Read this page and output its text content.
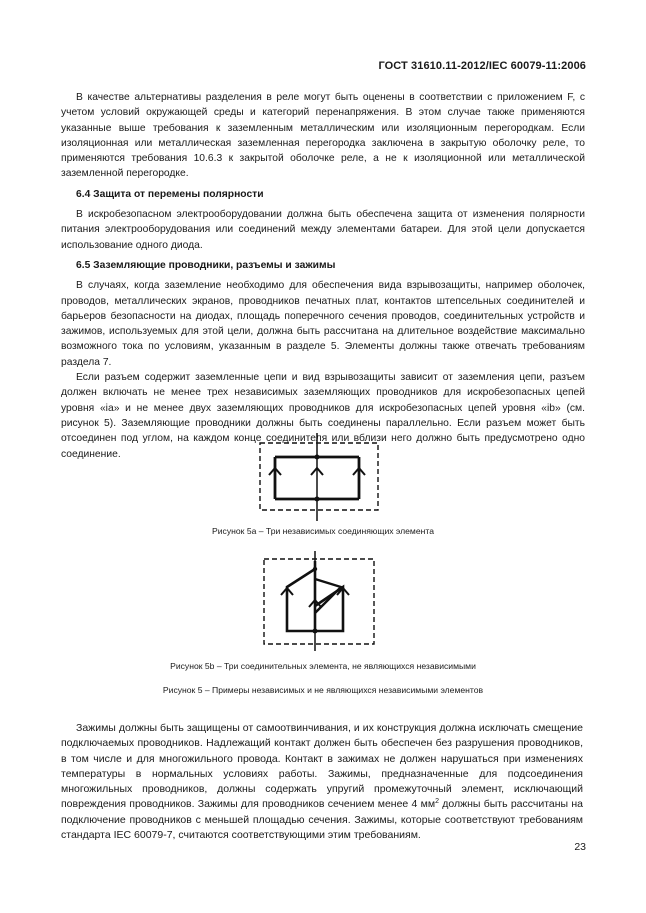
ГОСТ 31610.11-2012/IEC 60079-11:2006

В качестве альтернативы разделения в реле могут быть оценены в соответствии с приложением F, с учетом условий окружающей среды и категорий перенапряжения. В этом случае также применяются указанные выше требования к заземленным металлическим или изоляционным перегородкам. Если изоляционная или металлическая заземленная перегородка заключена в закрытую оболочку реле, то применяются требования 10.6.3 к закрытой оболочке реле, а не к изоляционной или металлической заземленной перегородке.

6.4 Защита от перемены полярности

В искробезопасном электрооборудовании должна быть обеспечена защита от изменения полярности питания электрооборудования или соединений между элементами батареи. Для этой цели допускается использование одного диода.

6.5 Заземляющие проводники, разъемы и зажимы

В случаях, когда заземление необходимо для обеспечения вида взрывозащиты, например оболочек, проводов, металлических экранов, проводников печатных плат, контактов штепсельных соединителей и барьеров безопасности на диодах, площадь поперечного сечения проводов, соединительных устройств и зажимов, используемых для этой цели, должна быть рассчитана на длительное воздействие максимально возможного тока по условиям, указанным в разделе 5. Элементы должны также отвечать требованиям раздела 7.

Если разъем содержит заземленные цепи и вид взрывозащиты зависит от заземления цепи, разъем должен включать не менее трех независимых заземляющих проводников для искробезопасных цепей уровня «ia» и не менее двух заземляющих проводников для искробезопасных цепей уровня «ib» (см. рисунок 5). Заземляющие проводники должны быть соединены параллельно. Если разъем может быть отсоединен под углом, на каждом конце соединителя или вблизи него должно быть предусмотрено одно соединение.

Рисунок 5а – Три независимых соединяющих элемента
Рисунок 5b – Три соединительных элемента, не являющихся независимыми
Рисунок 5 – Примеры независимых и не являющихся независимыми элементов

Зажимы должны быть защищены от самоотвинчивания, и их конструкция должна исключать смещение подключаемых проводников. Надлежащий контакт должен быть обеспечен без разрушения проводников, в том числе и для многожильного провода. Контакт в зажимах не должен нарушаться при изменениях температуры в нормальных условиях работы. Зажимы, предназначенные для подсоединения многожильных проводников, должны содержать упругий промежуточный элемент, исключающий повреждения проводников. Зажимы для проводников сечением менее 4 $мм^2$ должны быть рассчитаны на подключение проводников с меньшей площадью сечения. Зажимы, которые соответствуют требованиям стандарта IEC 60079-7, считаются соответствующими этим требованиям.

23
